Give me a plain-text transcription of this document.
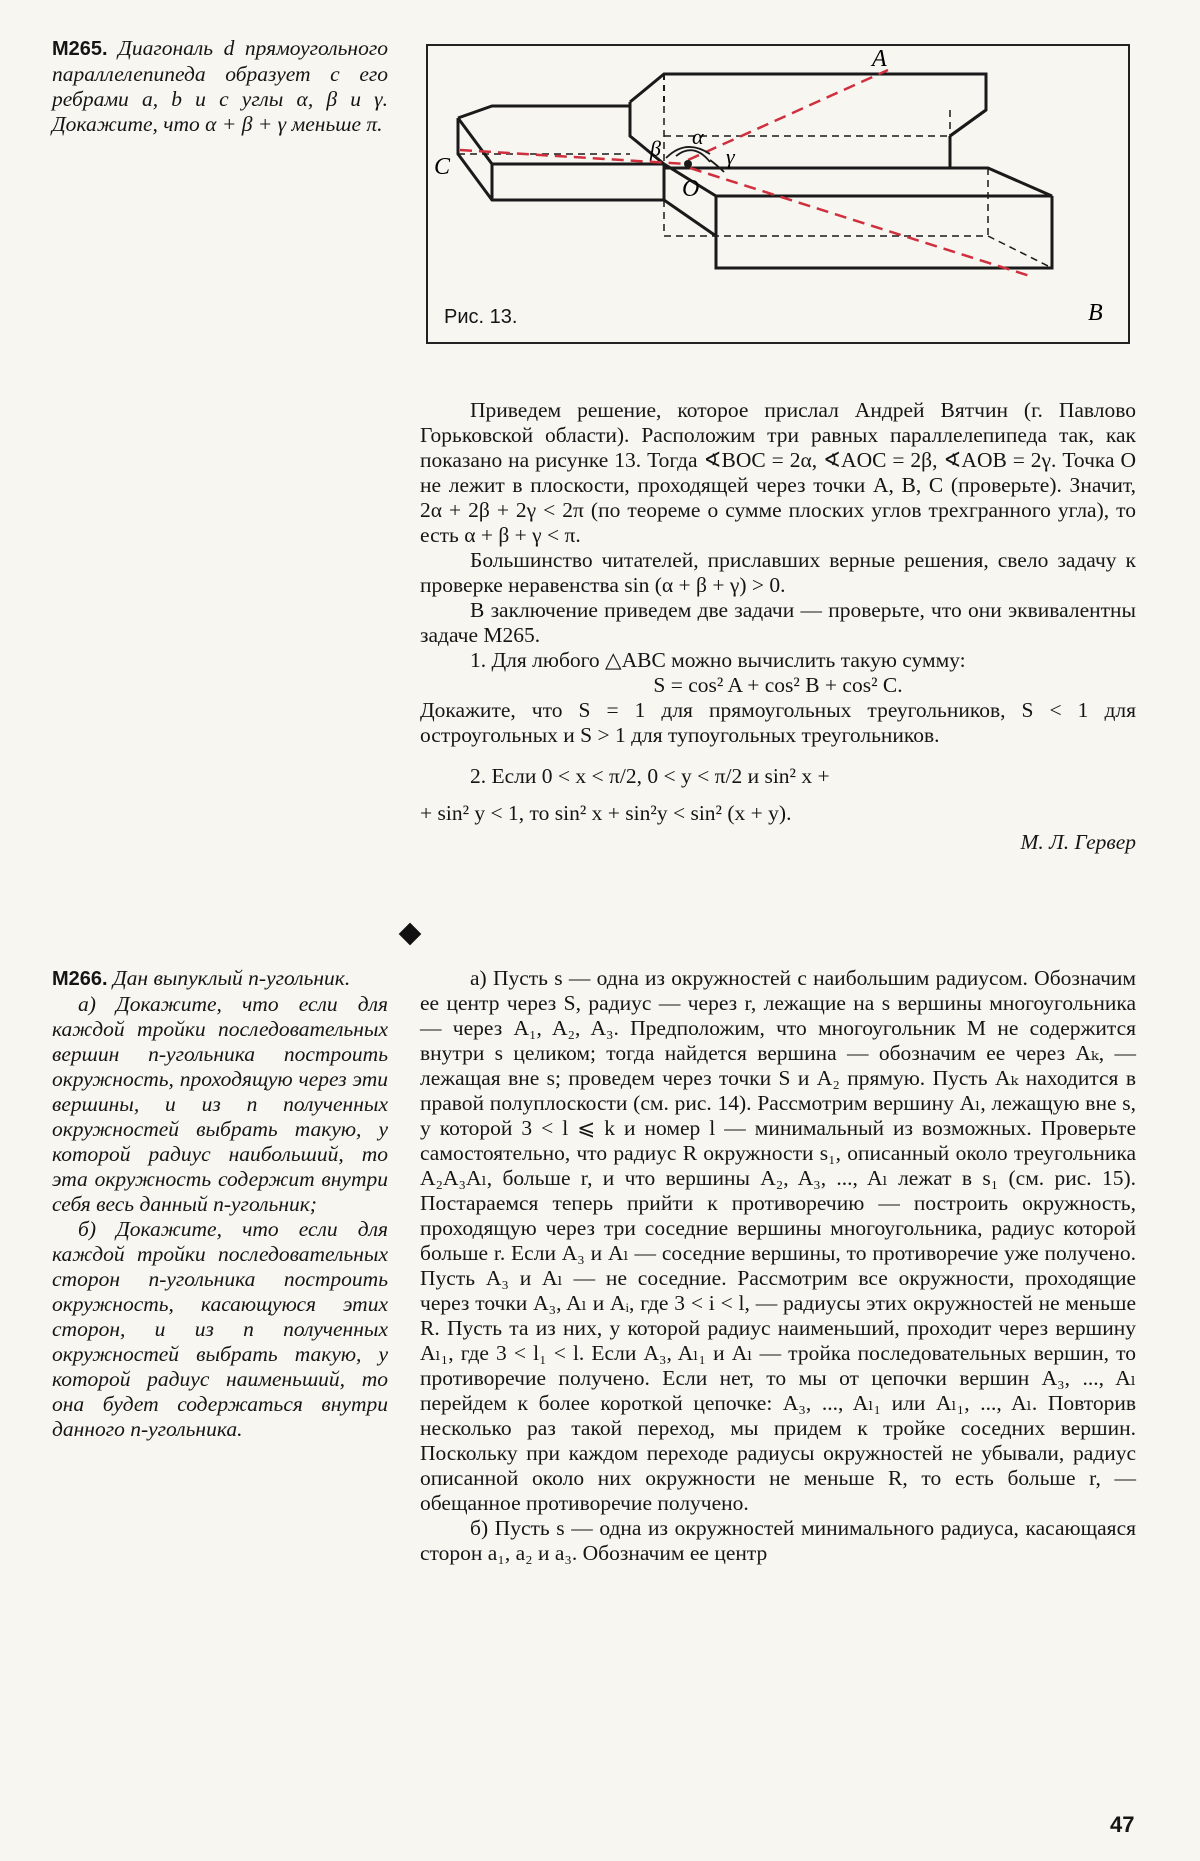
М265. Диагональ d прямоугольного параллелепипеда образует с его ребрами a, b и c углы α, β и γ. Докажите, что α + β + γ меньше π.

A
C
O
B
α
β	γ
Рис. 13.

Приведем решение, которое прислал Андрей Вятчин (г. Павлово Горьковской области). Расположим три равных параллелепипеда так, как показано на рисунке 13. Тогда ∢BOC = 2α, ∢AOC = 2β, ∢AOB = 2γ. Точка O не лежит в плоскости, проходящей через точки A, B, C (проверьте). Значит, 2α + 2β + 2γ < 2π (по теореме о сумме плоских углов трехгранного угла), то есть α + β + γ < π.

Большинство читателей, приславших верные решения, свело задачу к проверке неравенства sin (α + β + γ) > 0.

В заключение приведем две задачи — проверьте, что они эквивалентны задаче М265.

1. Для любого △ABC можно вычислить такую сумму:

S = cos² A + cos² B + cos² C.

Докажите, что S = 1 для прямоугольных треугольников, S < 1 для остроугольных и S > 1 для тупоугольных треугольников.

2. Если 0 < x < π/2, 0 < y < π/2 и sin² x +

+ sin² y < 1, то sin² x + sin²y < sin² (x + y).

М. Л. Гервер

М266. Дан выпуклый n-угольник.

а) Докажите, что если для каждой тройки последовательных вершин n-угольника построить окружность, проходящую через эти вершины, и из n полученных окружностей выбрать такую, у которой радиус наибольший, то эта окружность содержит внутри себя весь данный n-угольник;

б) Докажите, что если для каждой тройки последовательных сторон n-угольника построить окружность, касающуюся этих сторон, и из n полученных окружностей выбрать такую, у которой радиус наименьший, то она будет содержаться внутри данного n-угольника.

а) Пусть s — одна из окружностей с наибольшим радиусом. Обозначим ее центр через S, радиус — через r, лежащие на s вершины многоугольника — через A₁, A₂, A₃. Предположим, что многоугольник M не содержится внутри s целиком; тогда найдется вершина — обозначим ее через Aₖ, — лежащая вне s; проведем через точки S и A₂ прямую. Пусть Aₖ находится в правой полуплоскости (см. рис. 14). Рассмотрим вершину Aₗ, лежащую вне s, у которой 3 < l ⩽ k и номер l — минимальный из возможных. Проверьте самостоятельно, что радиус R окружности s₁, описанный около треугольника A₂A₃Aₗ, больше r, и что вершины A₂, A₃, ..., Aₗ лежат в s₁ (см. рис. 15). Постараемся теперь прийти к противоречию — построить окружность, проходящую через три соседние вершины многоугольника, радиус которой больше r. Если A₃ и Aₗ — соседние вершины, то противоречие уже получено. Пусть A₃ и Aₗ — не соседние. Рассмотрим все окружности, проходящие через точки A₃, Aₗ и Aᵢ, где 3 < i < l, — радиусы этих окружностей не меньше R. Пусть та из них, у которой радиус наименьший, проходит через вершину Aₗ₁, где 3 < l₁ < l. Если A₃, Aₗ₁ и Aₗ — тройка последовательных вершин, то противоречие получено. Если нет, то мы от цепочки вершин A₃, ..., Aₗ перейдем к более короткой цепочке: A₃, ..., Aₗ₁ или Aₗ₁, ..., Aₗ. Повторив несколько раз такой переход, мы придем к тройке соседних вершин. Поскольку при каждом переходе радиусы окружностей не убывали, радиус описанной около них окружности не меньше R, то есть больше r, — обещанное противоречие получено.

б) Пусть s — одна из окружностей минимального радиуса, касающаяся сторон a₁, a₂ и a₃. Обозначим ее центр

47
